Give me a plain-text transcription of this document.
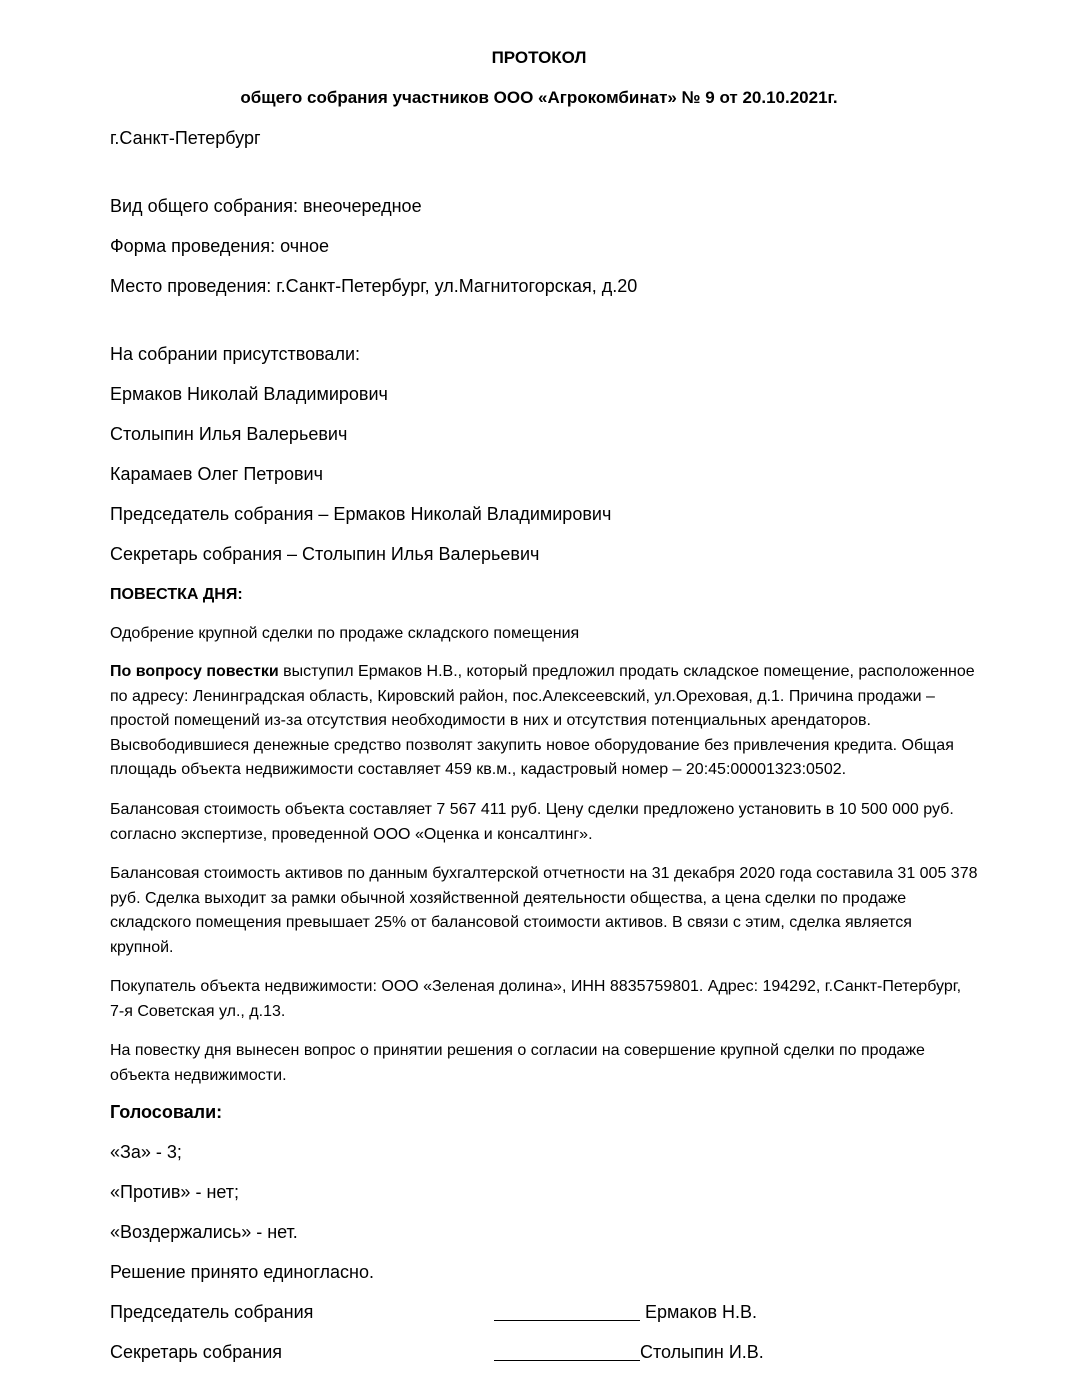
ПРОТОКОЛ
общего собрания участников ООО «Агрокомбинат» № 9 от 20.10.2021г.
г.Санкт-Петербург
Вид общего собрания: внеочередное
Форма проведения: очное
Место проведения: г.Санкт-Петербург, ул.Магнитогорская, д.20
На собрании присутствовали:
Ермаков Николай Владимирович
Столыпин Илья Валерьевич
Карамаев Олег Петрович
Председатель собрания – Ермаков Николай Владимирович
Секретарь собрания – Столыпин Илья Валерьевич
ПОВЕСТКА ДНЯ:
Одобрение крупной сделки по продаже складского помещения
По вопросу повестки выступил Ермаков Н.В., который предложил продать складское помещение, расположенное
по адресу: Ленинградская область, Кировский район, пос.Алексеевский, ул.Ореховая, д.1. Причина продажи –
простой помещений из-за отсутствия необходимости в них и отсутствия потенциальных арендаторов.
Высвободившиеся денежные средство позволят закупить новое оборудование без привлечения кредита. Общая
площадь объекта недвижимости составляет 459 кв.м., кадастровый номер – 20:45:00001323:0502.
Балансовая стоимость объекта составляет 7 567 411 руб. Цену сделки предложено установить в 10 500 000 руб.
согласно экспертизе, проведенной ООО «Оценка и консалтинг».
Балансовая стоимость активов по данным бухгалтерской отчетности на 31 декабря 2020 года составила 31 005 378
руб. Сделка выходит за рамки обычной хозяйственной деятельности общества, а цена сделки по продаже
складского помещения превышает 25% от балансовой стоимости активов. В связи с этим, сделка является
крупной.
Покупатель объекта недвижимости: ООО «Зеленая долина», ИНН 8835759801. Адрес: 194292, г.Санкт-Петербург,
7-я Советская ул., д.13.
На повестку дня вынесен вопрос о принятии решения о согласии на совершение крупной сделки по продаже
объекта недвижимости.
Голосовали:
«За» - 3;
«Против» - нет;
«Воздержались» - нет.
Решение принято единогласно.
Председатель собрания	Ермаков Н.В.
Секретарь собрания	Столыпин И.В.
